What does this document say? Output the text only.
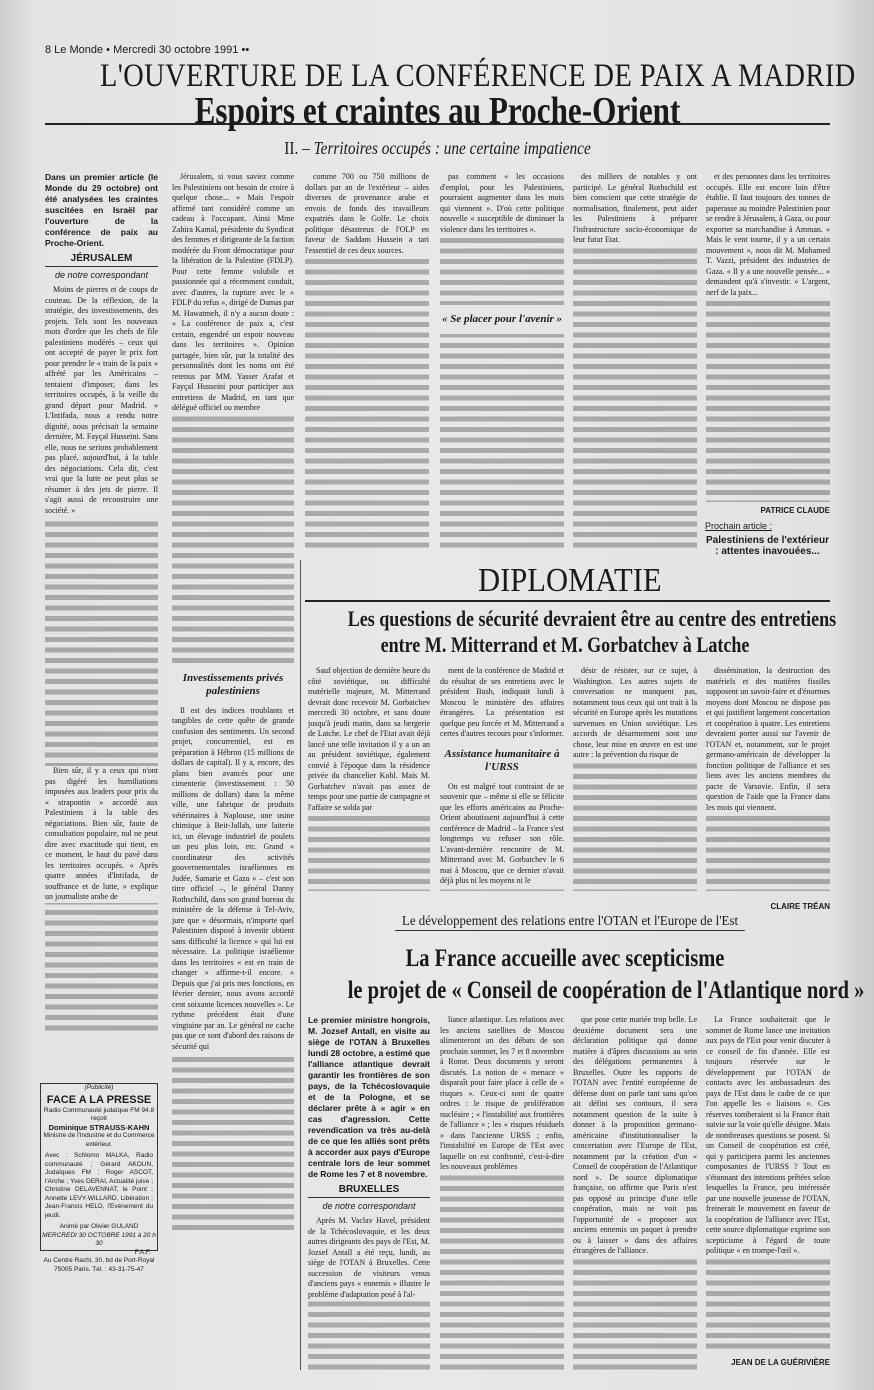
8 Le Monde • Mercredi 30 octobre 1991 ••
L'OUVERTURE DE LA CONFÉRENCE DE PAIX A MADRID
Espoirs et craintes au Proche-Orient
II. – Territoires occupés : une certaine impatience

Dans un premier article (le Monde du 29 octobre) ont été analysées les craintes suscitées en Israël par l'ouverture de la conférence de paix au Proche-Orient.

JÉRUSALEM
de notre correspondant

Moins de pierres et de coups de couteau. De la réflexion, de la stratégie, des investissements, des projets. Tels sont les nouveaux mots d'ordre que les chefs de file palestiniens modérés – ceux qui ont accepté de payer le prix fort pour prendre le « train de la paix » affrété par les Américains – tentaient d'imposer, dans les territoires occupés, à la veille du grand départ pour Madrid. « L'Intifada, nous a rendu notre dignité, nous précisait la semaine dernière, M. Fayçal Husseini. Sans elle, nous ne serions probablement pas placé, aujourd'hui, à la table des négociations. Cela dit, c'est vrai que la lutte ne peut plus se résumer à des jets de pierre. Il s'agit aussi de reconstruire une société. »

Bien sûr, il y a ceux qui n'ont pas digéré les humiliations imposées aux leaders pour prix du « strapontin » accordé aux Palestiniens à la table des négociations. Bien sûr, faute de consultation populaire, nul ne peut dire avec exactitude qui tient, en ce moment, le haut du pavé dans les territoires occupés. « Après quatre années d'Intifada, de souffrance et de lutte, » explique un journaliste arabe de

Jérusalem, si vous saviez comme les Palestiniens ont besoin de croire à quelque chose... » Mais l'espoir affirmé tant considéré comme un cadeau à l'occupant. Ainsi Mme Zahira Kamal, présidente du Syndicat des femmes et dirigeante de la faction modérée du Front démocratique pour la libération de la Palestine (FDLP). Pour cette femme volubile et passionnée qui a récemment conduit, avec d'autres, la rupture avec le « FDLP du refus », dirigé de Damas par M. Hawatmeh, il n'y a aucun doute : « La conférence de paix a, c'est certain, engendré un espoir nouveau dans les territoires ». Opinion partagée, bien sûr, par la totalité des personnalités dont les noms ont été retenus par MM. Yasser Arafat et Fayçal Husseini pour participer aux entretiens de Madrid, en tant que délégué officiel ou membre

Investissements privés palestiniens

Il est des indices troublants et tangibles de cette quête de grande confusion des sentiments. Un second projet, concurrentiel, est en préparation à Hébron (15 millions de dollars de capital). Il y a, encore, des plans bien avancés pour une cimenterie (investissement : 50 millions de dollars) dans la même ville, une fabrique de produits vétérinaires à Naplouse, une usine chimique à Beit-Jallah, une laiterie ici, un élevage industriel de poulets un peu plus loin, etc. Grand « coordinateur des activités gouvernementales israéliennes en Judée, Samarie et Gaza » – c'est son titre officiel –, le général Danny Rothschild, dans son grand bureau du ministère de la défense à Tel-Aviv, jure que « désormais, n'importe quel Palestinien disposé à investir obtient sans difficulté la licence » qui lui est nécessaire. La politique israélienne dans les territoires « est en train de changer » affirme-t-il encore. « Depuis que j'ai pris mes fonctions, en février dernier, nous avons accordé cent soixante licences nouvelles ». Le rythme précédent était d'une vingtaine par an. Le général ne cache pas que ce sont d'abord des raisons de sécurité qui

comme 700 ou 750 millions de dollars par an de l'extérieur – aides diverses de provenance arabe et envois de fonds des travailleurs expatriés dans le Golfe. Le choix politique désastreux de l'OLP en faveur de Saddam Hussein a tari l'essentiel de ces deux sources.

pas comment « les occasions d'emploi, pour les Palestiniens, pourraient augmenter dans les mois qui viennent ». D'où cette politique nouvelle « susceptible de diminuer la violence dans les territoires ».

« Se placer pour l'avenir »

des milliers de notables y ont participé. Le général Rothschild est bien conscient que cette stratégie de normalisation, finalement, peut aider les Palestiniens à préparer l'infrastructure socio-économique de leur futur Etat.

et des personnes dans les territoires occupés. Elle est encore loin d'être établie. Il faut toujours des tonnes de paperasse au moindre Palestinien pour se rendre à Jérusalem, à Gaza, ou pour exporter sa marchandise à Amman. « Mais le vent tourne, il y a un certain mouvement », nous dit M. Mohamed T. Vazzi, président des industries de Gaza. « Il y a une nouvelle pensée... » demandent qu'à s'investir. » L'argent, nerf de la paix...

PATRICE CLAUDE
Prochain article :
Palestiniens de l'extérieur : attentes inavouées...
DIPLOMATIE
Les questions de sécurité devraient être au centre des entretiens
entre M. Mitterrand et M. Gorbatchev à Latche

Sauf objection de dernière heure du côté soviétique, ou difficulté matérielle majeure, M. Mitterrand devrait donc recevoir M. Gorbatchev mercredi 30 octobre, et sans doute jusqu'à jeudi matin, dans sa bergerie de Latche. Le chef de l'Etat avait déjà lancé une telle invitation il y a un an au président soviétique, également convié à l'époque dans la résidence privée du chancelier Kohl. Mais M. Gorbatchev n'avait pas assez de temps pour une partie de campagne et l'affaire se solda par

ment de la conférence de Madrid et du résultat de ses entretiens avec le président Bush, indiquait lundi à Moscou le ministère des affaires étrangères. La présentation est quelque peu forcée et M. Mitterrand a certes d'autres recours pour s'informer.

Assistance humanitaire à l'URSS

On est malgré tout contraint de se souvenir que – même si elle se félicite que les efforts américains au Proche-Orient aboutissent aujourd'hui à cette conférence de Madrid – la France s'est longtemps vu refuser son rôle. L'avant-dernière rencontre de M. Mitterrand avec M. Gorbatchev le 6 mai à Moscou, que ce dernier n'avait déjà plus ni les moyens ni le

désir de résister, sur ce sujet, à Washington. Les autres sujets de conversation ne manquent pas, notamment tous ceux qui ont trait à la sécurité en Europe après les mutations survenues en Union soviétique. Les accords de désarmement sont une chose, leur mise en œuvre en est une autre : la prévention du risque de

dissémination, la destruction des matériels et des matières fissiles supposent un savoir-faire et d'énormes moyens dont Moscou ne dispose pas et qui justifient largement concertation et coopération à quatre. Les entretiens devraient porter aussi sur l'avenir de l'OTAN et, notamment, sur le projet germano-américain de développer la fonction politique de l'alliance et ses liens avec les anciens membres du pacte de Varsovie. Enfin, il sera question de l'aide que la France dans les mois qui viennent.

CLAIRE TRÉAN
Le développement des relations entre l'OTAN et l'Europe de l'Est
La France accueille avec scepticisme
le projet de « Conseil de coopération de l'Atlantique nord »

Le premier ministre hongrois, M. Jozsef Antall, en visite au siège de l'OTAN à Bruxelles lundi 28 octobre, a estimé que l'alliance atlantique devrait garantir les frontières de son pays, de la Tchécoslovaquie et de la Pologne, et se déclarer prête à « agir » en cas d'agression. Cette revendication va très au-delà de ce que les alliés sont prêts à accorder aux pays d'Europe centrale lors de leur sommet de Rome les 7 et 8 novembre.

BRUXELLES
de notre correspondant

Après M. Vaclav Havel, président de la Tchécoslovaquie, et les deux autres dirigeants des pays de l'Est, M. Jozsef Antall a été reçu, lundi, au siège de l'OTAN à Bruxelles. Cette succession de visiteurs venus d'anciens pays « ennemis » illustre le problème d'adaptation posé à l'al-

liance atlantique. Les relations avec les anciens satellites de Moscou alimenteront un des débats de son prochain sommet, les 7 et 8 novembre à Rome. Deux documents y seront discutés. La notion de « menace » disparaît pour faire place à celle de « risques ». Ceux-ci sont de quatre ordres : le risque de prolifération nucléaire ; « l'instabilité aux frontières de l'alliance » ; les « risques résiduels » dans l'ancienne URSS ; enfin, l'instabilité en Europe de l'Est avec laquelle on est confronté, c'est-à-dire les nouveaux problèmes

que pose cette mariée trop belle. Le deuxième document sera une déclaration politique qui donne matière à d'âpres discussions au sein des délégations permanentes à Bruxelles. Outre les rapports de l'OTAN avec l'entité européenne de défense dont on parle tant sans qu'on ait défini ses contours, il sera notamment question de la suite à donner à la proposition germano-américaine d'institutionnaliser la concertation avec l'Europe de l'Est, notamment par la création d'un « Conseil de coopération de l'Atlantique nord ». De source diplomatique française, on affirme que Paris n'est pas opposé au principe d'une telle coopération, mais ne voit pas l'opportunité de « proposer aux anciens ennemis un paquet à prendre ou à laisser » dans des affaires étrangères de l'alliance.

La France souhaiterait que le sommet de Rome lance une invitation aux pays de l'Est pour venir discuter à ce conseil de fin d'année. Elle est toujours réservée sur le développement par l'OTAN de contacts avec les ambassadeurs des pays de l'Est dans le cadre de ce que l'on appelle les « liaisons ». Ces réserves tomberaient si la France était suivie sur la voie qu'elle désigne. Mais de nombreuses questions se posent. Si un Conseil de coopération est créé, qui y participera parmi les anciennes composantes de l'URSS ? Tout en s'étonnant des intentions prêtées selon lesquelles la France, peu intéressée par une nouvelle jeunesse de l'OTAN, freinerait le mouvement en faveur de la coopération de l'alliance avec l'Est, cette source diplomatique exprime son scepticisme à l'égard de toute politique « en trompe-l'œil ».

JEAN DE LA GUÉRIVIÈRE
(Publicité)
FACE A LA PRESSE
Radio Communauté judaïque FM 94.8
reçoit
Dominique STRAUSS-KAHN
Ministre de l'Industrie et du Commerce extérieur.
Avec : Schlomo MALKA, Radio communauté ; Gérard AKOUN, Judaïques FM ; Roger ASCOT, l'Arche ; Yves DERAI, Actualité juive ; Christine DELAVENNAT, le Point ; Annette LEVY-WILLARD, Libération ; Jean-Francis HELD, l'Evénement du jeudi.
Animé par Olivier GULAND
MERCREDI 30 OCTOBRE 1991 à 20 h 30
F.A.F.
Au Centre Rachi, 30, bd de Port-Royal 75005 Paris. Tél. : 43-31-75-47
